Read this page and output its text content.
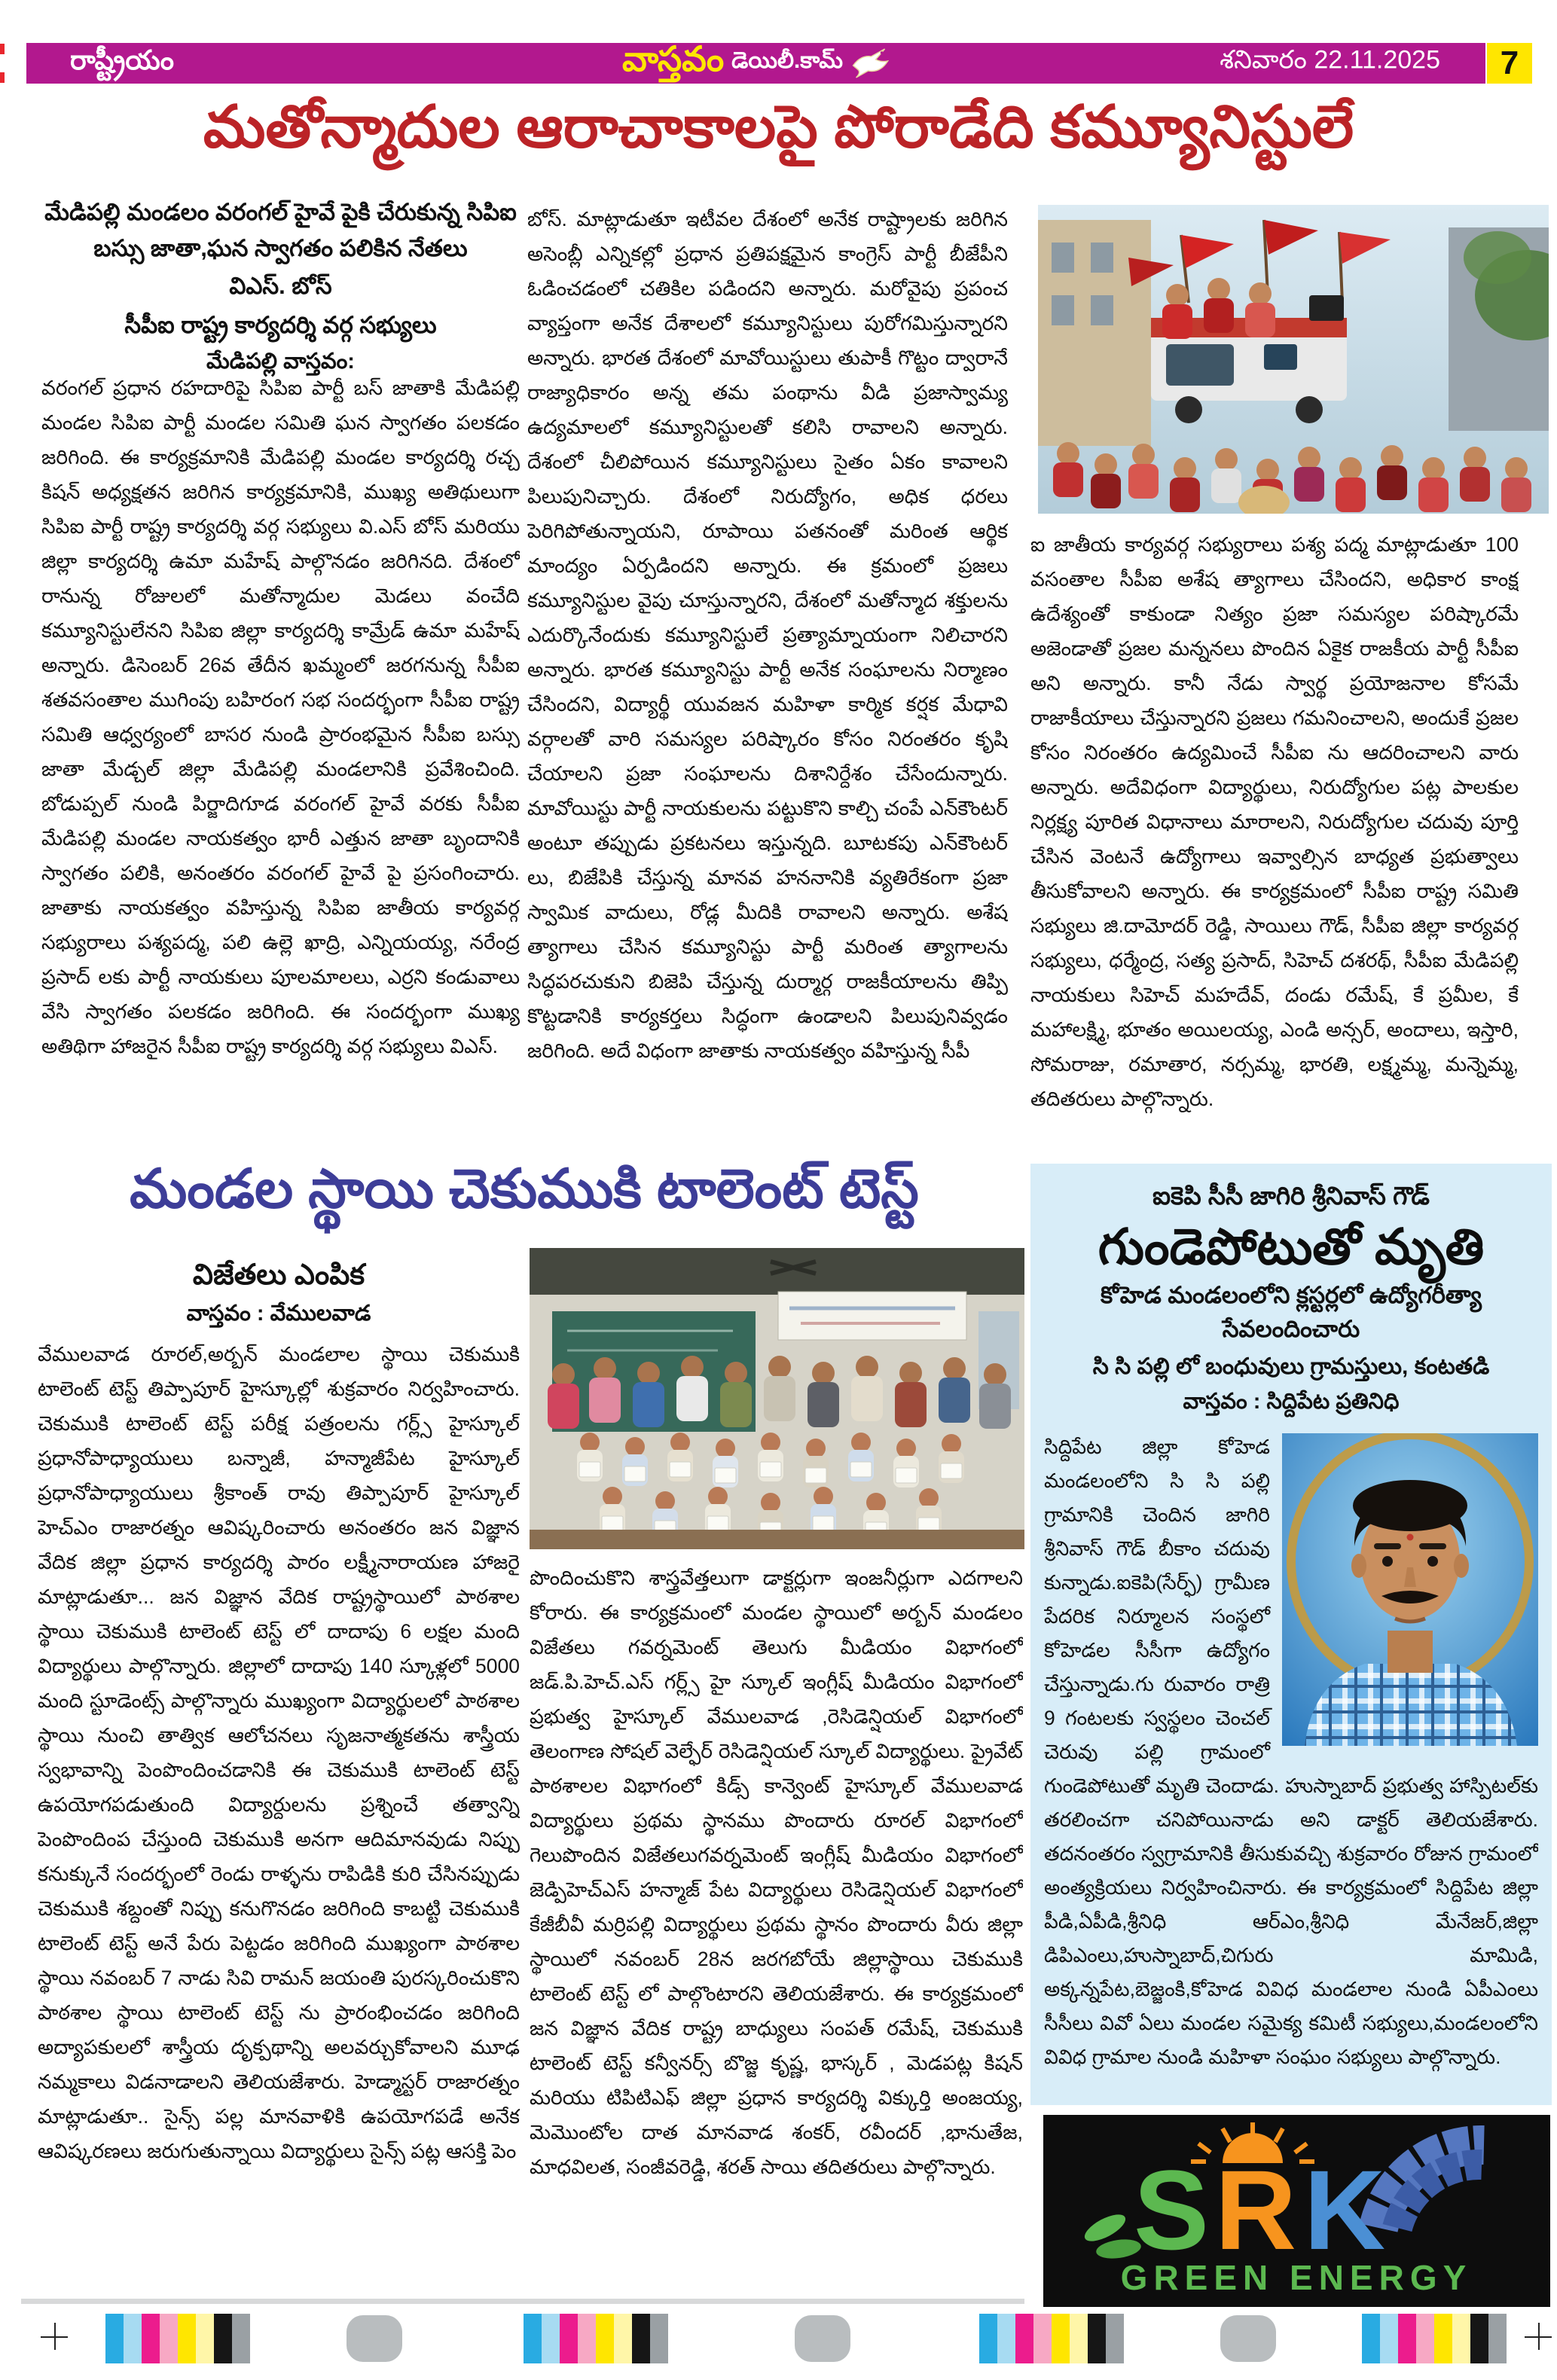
రాష్ట్రీయం	వాస్తవం డెయిలీ.కామ్	శనివారం 22.11.2025 7
మతోన్మాదుల ఆరాచాకాలపై పోరాడేది కమ్యూనిస్టులే
మేడిపల్లి మండలం వరంగల్ హైవే పైకి చేరుకున్న సిపిఐ
బస్సు జాతా,ఘన స్వాగతం పలికిన నేతలు
విఎస్. బోస్
సీపీఐ రాష్ట్ర కార్యదర్శి వర్గ సభ్యులు
మేడిపల్లి వాస్తవం:
వరంగల్ ప్రధాన రహదారిపై సిపిఐ పార్టీ బస్ జాతాకి మేడిపల్లి మండల సిపిఐ పార్టీ మండల సమితి ఘన స్వాగతం పలకడం జరిగింది. ఈ కార్యక్రమానికి మేడిపల్లి మండల కార్యదర్శి రచ్చ కిషన్ అధ్యక్షతన జరిగిన కార్యక్రమానికి, ముఖ్య అతిథులుగా సిపిఐ పార్టీ రాష్ట్ర కార్యదర్శి వర్గ సభ్యులు వి.ఎస్ బోస్ మరియు జిల్లా కార్యదర్శి ఉమా మహేష్ పాల్గొనడం జరిగినది. దేశంలో రానున్న రోజులలో మతోన్మాదుల మెడలు వంచేది కమ్యూనిస్టులేనని సిపిఐ జిల్లా కార్యదర్శి కామ్రేడ్ ఉమా మహేష్ అన్నారు. డిసెంబర్ 26వ తేదీన ఖమ్మంలో జరగనున్న సీపీఐ శతవసంతాల ముగింపు బహిరంగ సభ సందర్భంగా సీపీఐ రాష్ట్ర సమితి ఆధ్వర్యంలో బాసర నుండి ప్రారంభమైన సీపీఐ బస్సు జాతా మేడ్చల్ జిల్లా మేడిపల్లి మండలానికి ప్రవేశించింది. బోడుప్పల్ నుండి పిర్జాదిగూడ వరంగల్ హైవే వరకు సీపీఐ మేడిపల్లి మండల నాయకత్వం భారీ ఎత్తున జాతా బృందానికి స్వాగతం పలికి, అనంతరం వరంగల్ హైవే పై ప్రసంగించారు. జాతాకు నాయకత్వం వహిస్తున్న సిపిఐ జాతీయ కార్యవర్గ సభ్యురాలు పశ్యపద్మ, పలి ఉల్లె ఖాద్రి, ఎన్నియయ్య, నరేంద్ర ప్రసాద్ లకు పార్టీ నాయకులు పూలమాలలు, ఎర్రని కండువాలు వేసి స్వాగతం పలకడం జరిగింది. ఈ సందర్భంగా ముఖ్య అతిథిగా హాజరైన సీపీఐ రాష్ట్ర కార్యదర్శి వర్గ సభ్యులు విఎస్.
బోస్. మాట్లాడుతూ ఇటీవల దేశంలో అనేక రాష్ట్రాలకు జరిగిన అసెంబ్లీ ఎన్నికల్లో ప్రధాన ప్రతిపక్షమైన కాంగ్రెస్ పార్టీ బీజేపీని ఓడించడంలో చతికిల పడిందని అన్నారు. మరోవైపు ప్రపంచ వ్యాప్తంగా అనేక దేశాలలో కమ్యూనిస్టులు పురోగమిస్తున్నారని అన్నారు. భారత దేశంలో మావోయిస్టులు తుపాకీ గొట్టం ద్వారానే రాజ్యాధికారం అన్న తమ పంథాను వీడి ప్రజాస్వామ్య ఉద్యమాలలో కమ్యూనిస్టులతో కలిసి రావాలని అన్నారు. దేశంలో చీలిపోయిన కమ్యూనిస్టులు సైతం ఏకం కావాలని పిలుపునిచ్చారు. దేశంలో నిరుద్యోగం, అధిక ధరలు పెరిగిపోతున్నాయని, రూపాయి పతనంతో మరింత ఆర్థిక మాంద్యం ఏర్పడిందని అన్నారు. ఈ క్రమంలో ప్రజలు కమ్యూనిస్టుల వైపు చూస్తున్నారని, దేశంలో మతోన్మాద శక్తులను ఎదుర్కొనేందుకు కమ్యూనిస్టులే ప్రత్యామ్నాయంగా నిలిచారని అన్నారు. భారత కమ్యూనిస్టు పార్టీ అనేక సంఘాలను నిర్మాణం చేసిందని, విద్యార్థీ యువజన మహిళా కార్మిక కర్షక మేధావి వర్గాలతో వారి సమస్యల పరిష్కారం కోసం నిరంతరం కృషి చేయాలని ప్రజా సంఘాలను దిశానిర్దేశం చేసేందున్నారు. మావోయిస్టు పార్టీ నాయకులను పట్టుకొని కాల్చి చంపే ఎన్‌కౌంటర్ అంటూ తప్పుడు ప్రకటనలు ఇస్తున్నది. బూటకపు ఎన్‌కౌంటర్ లు, బిజేపికి చేస్తున్న మానవ హననానికి వ్యతిరేకంగా ప్రజా స్వామిక వాదులు, రోడ్ల మీదికి రావాలని అన్నారు. అశేష త్యాగాలు చేసిన కమ్యూనిస్టు పార్టీ మరింత త్యాగాలను సిద్ధపరచుకుని బిజెపి చేస్తున్న దుర్మార్గ రాజకీయాలను తిప్పి కొట్టడానికి కార్యకర్తలు సిద్ధంగా ఉండాలని పిలుపునివ్వడం జరిగింది. అదే విధంగా జాతాకు నాయకత్వం వహిస్తున్న సీపీ
ఐ జాతీయ కార్యవర్గ సభ్యురాలు పశ్య పద్మ మాట్లాడుతూ 100 వసంతాల సీపీఐ అశేష త్యాగాలు చేసిందని, అధికార కాంక్ష ఉదేశ్యంతో కాకుండా నిత్యం ప్రజా సమస్యల పరిష్కారమే అజెండాతో ప్రజల మన్ననలు పొందిన ఏకైక రాజకీయ పార్టీ సీపీఐ అని అన్నారు. కానీ నేడు స్వార్థ ప్రయోజనాల కోసమే రాజాకీయాలు చేస్తున్నారని ప్రజలు గమనించాలని, అందుకే ప్రజల కోసం నిరంతరం ఉద్యమించే సీపీఐ ను ఆదరించాలని వారు అన్నారు. అదేవిధంగా విద్యార్థులు, నిరుద్యోగుల పట్ల పాలకుల నిర్లక్ష్య పూరిత విధానాలు మారాలని, నిరుద్యోగుల చదువు పూర్తి చేసిన వెంటనే ఉద్యోగాలు ఇవ్వాల్సిన బాధ్యత ప్రభుత్వాలు తీసుకోవాలని అన్నారు. ఈ కార్యక్రమంలో సీపీఐ రాష్ట్ర సమితి సభ్యులు జి.దామోదర్ రెడ్డి, సాయిలు గౌడ్, సీపీఐ జిల్లా కార్యవర్గ సభ్యులు, ధర్మేంద్ర, సత్య ప్రసాద్, సిహెచ్ దశరథ్, సీపీఐ మేడిపల్లి నాయకులు సిహెచ్ మహదేవ్, దండు రమేష్, కే ప్రమీల, కే మహాలక్ష్మి, భూతం అయిలయ్య, ఎండి అన్సర్, అందాలు, ఇస్తారి, సోమరాజు, రమాతార, నర్సమ్మ, భారతి, లక్ష్మమ్మ, మన్నెమ్మ, తదితరులు పాల్గొన్నారు.
మండల స్థాయి చెకుముకి టాలెంట్ టెస్ట్
విజేతలు ఎంపిక
వాస్తవం : వేములవాడ
వేములవాడ రూరల్,అర్బన్ మండలాల స్థాయి చెకుముకి టాలెంట్ టెస్ట్ తిప్పాపూర్ హైస్కూల్లో శుక్రవారం నిర్వహించారు. చెకుముకి టాలెంట్ టెస్ట్ పరీక్ష పత్రంలను గర్ల్స్ హైస్కూల్ ప్రధానోపాధ్యాయులు బన్నాజీ, హన్మాజీపేట హైస్కూల్ ప్రధానోపాధ్యాయులు శ్రీకాంత్ రావు తిప్పాపూర్ హైస్కూల్ హెచ్ఎం రాజారత్నం ఆవిష్కరించారు అనంతరం జన విజ్ఞాన వేదిక జిల్లా ప్రధాన కార్యదర్శి పారం లక్ష్మీనారాయణ హాజరై మాట్లాడుతూ... జన విజ్ఞాన వేదిక రాష్ట్రస్థాయిలో పాఠశాల స్థాయి చెకుముకి టాలెంట్ టెస్ట్ లో దాదాపు 6 లక్షల మంది విద్యార్థులు పాల్గొన్నారు. జిల్లాలో దాదాపు 140 స్కూళ్లలో 5000 మంది స్టూడెంట్స్ పాల్గొన్నారు ముఖ్యంగా విద్యార్థులలో పాఠశాల స్థాయి నుంచి తాత్విక ఆలోచనలు సృజనాత్మకతను శాస్త్రీయ స్వభావాన్ని పెంపొందించడానికి ఈ చెకుముకి టాలెంట్ టెస్ట్ ఉపయోగపడుతుంది విద్యార్దులను ప్రశ్నించే తత్వాన్ని పెంపొందింప చేస్తుంది చెకుముకి అనగా ఆదిమానవుడు నిప్పు కనుక్కునే సందర్భంలో రెండు రాళ్ళను రాపిడికి కురి చేసినప్పుడు చెకుముకి శబ్దంతో నిప్పు కనుగొనడం జరిగింది కాబట్టి చెకుముకి టాలెంట్ టెస్ట్ అనే పేరు పెట్టడం జరిగింది ముఖ్యంగా పాఠశాల స్థాయి నవంబర్ 7 నాడు సివి రామన్ జయంతి పురస్కరించుకొని పాఠశాల స్థాయి టాలెంట్ టెస్ట్ ను ప్రారంభించడం జరిగింది అద్యాపకులలో శాస్త్రీయ దృక్పథాన్ని అలవర్చుకోవాలని మూఢ నమ్మకాలు విడనాడాలని తెలియజేశారు. హెడ్మాస్టర్ రాజారత్నం మాట్లాడుతూ.. సైన్స్ పల్ల మానవాళికి ఉపయోగపడే అనేక ఆవిష్కరణలు జరుగుతున్నాయి విద్యార్థులు సైన్స్ పట్ల ఆసక్తి పెం
పొందించుకొని శాస్త్రవేత్తలుగా డాక్టర్లుగా ఇంజనీర్లుగా ఎదగాలని కోరారు. ఈ కార్యక్రమంలో మండల స్థాయిలో అర్బన్ మండలం విజేతలు గవర్నమెంట్ తెలుగు మీడియం విభాగంలో జడ్.పి.హెచ్.ఎస్ గర్ల్స్ హై స్కూల్ ఇంగ్లీష్ మీడియం విభాగంలో ప్రభుత్వ హైస్కూల్ వేములవాడ ,రెసిడెన్షియల్ విభాగంలో తెలంగాణ సోషల్ వెల్ఫేర్ రెసిడెన్షియల్ స్కూల్ విద్యార్థులు. ప్రైవేట్ పాఠశాలల విభాగంలో కిడ్స్ కాన్వెంట్ హైస్కూల్ వేములవాడ విద్యార్థులు ప్రథమ స్థానము పొందారు రూరల్ విభాగంలో గెలుపొందిన విజేతలుగవర్నమెంట్ ఇంగ్లీష్ మీడియం విభాగంలో జెడ్పిహెచ్ఎస్ హన్మాజ్ పేట విద్యార్థులు రెసిడెన్షియల్ విభాగంలో కేజీబీవీ మర్రిపల్లి విద్యార్థులు ప్రథమ స్థానం పొందారు వీరు జిల్లా స్థాయిలో నవంబర్ 28న జరగబోయే జిల్లాస్థాయి చెకుముకి టాలెంట్ టెస్ట్ లో పాల్గొంటారని తెలియజేశారు. ఈ కార్యక్రమంలో జన విజ్ఞాన వేదిక రాష్ట్ర బాధ్యులు సంపత్ రమేష్, చెకుముకి టాలెంట్ టెస్ట్ కన్వీనర్స్ బొజ్జ కృష్ణ, భాస్కర్ , మెడపట్ల కిషన్ మరియు టిపిటిఎఫ్ జిల్లా ప్రధాన కార్యదర్శి విక్కుర్తి అంజయ్య, మెమొంటోల దాత మానవాడ శంకర్, రవీందర్ ,భానుతేజ, మాధవిలత, సంజీవరెడ్డి, శరత్ సాయి తదితరులు పాల్గొన్నారు.
ఐకెపి సీసీ జాగిరి శ్రీనివాస్ గౌడ్
గుండెపోటుతో మృతి
కోహెడ మండలంలోని క్లస్టర్లలో ఉద్యోగరీత్యా సేవలందించారు
సి సి పల్లి లో బంధువులు గ్రామస్తులు, కంటతడి
వాస్తవం : సిద్దిపేట ప్రతినిధి

సిద్దిపేట జిల్లా కోహెడ మండలంలోని సి సి పల్లి గ్రామానికి చెందిన జాగిరి శ్రీనివాస్ గౌడ్ బీకాం చదువు కున్నాడు.ఐకెపి(సేర్ఫ్) గ్రామీణ పేదరిక నిర్మూలన సంస్థలో కోహెడల సీసీగా ఉద్యోగం చేస్తున్నాడు.గు రువారం రాత్రి 9 గంటలకు స్వస్థలం చెంచల్ చెరువు పల్లి గ్రామంలో గుండెపోటుతో మృతి చెందాడు. హుస్నాబాద్ ప్రభుత్వ హాస్పిటల్‌కు తరలించగా చనిపోయినాడు అని డాక్టర్ తెలియజేశారు. తదనంతరం స్వగ్రామానికి తీసుకువచ్చి శుక్రవారం రోజున గ్రామంలో అంత్యక్రియలు నిర్వహించినారు. ఈ కార్యక్రమంలో సిద్దిపేట జిల్లా పీడి,ఏపీడి,శ్రీనిధి ఆర్ఎం,శ్రీనిధి మేనేజర్,జిల్లా డిపిఎంలు,హుస్నాబాద్,చిగురు మామిడి, అక్కన్నపేట,బెజ్జంకి,కోహెడ వివిధ మండలాల నుండి ఏపీఎంలు సీసీలు వివో ఏలు మండల సమైక్య కమిటీ సభ్యులు,మండలంలోని వివిధ గ్రామాల నుండి మహిళా సంఘం సభ్యులు పాల్గొన్నారు.

S R K
GREEN ENERGY
